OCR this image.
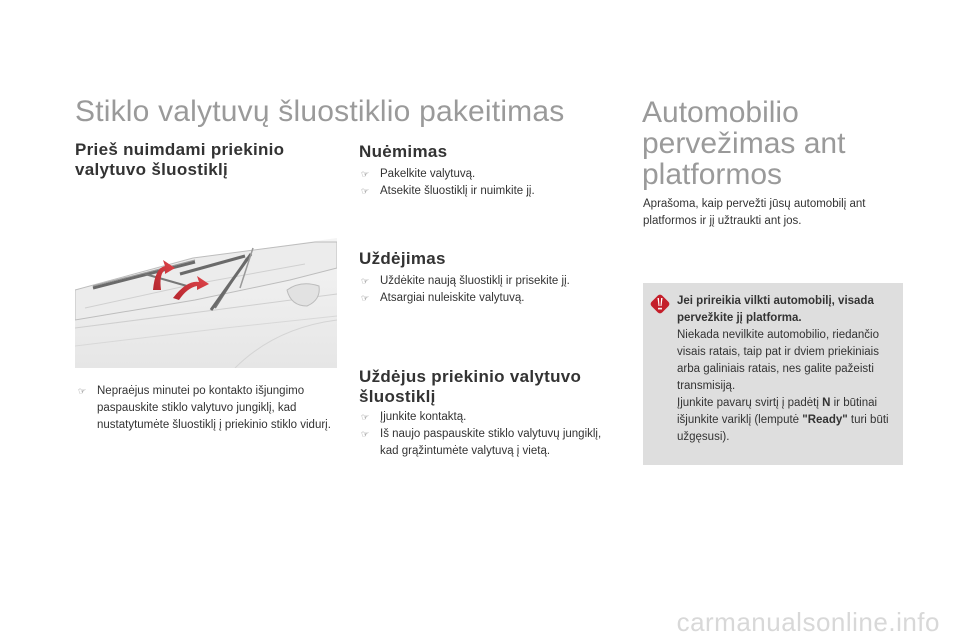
Stiklo valytuvų šluostiklio pakeitimas
Prieš nuimdami priekinio valytuvo šluostiklį
☞ Nepraėjus minutei po kontakto išjungimo paspauskite stiklo valytuvo jungiklį, kad nustatytumėte šluostiklį į priekinio stiklo vidurį.
Nuėmimas
☞ Pakelkite valytuvą.
☞ Atsekite šluostiklį ir nuimkite jį.
Uždėjimas
☞ Uždėkite naują šluostiklį ir prisekite jį.
☞ Atsargiai nuleiskite valytuvą.
Uždėjus priekinio valytuvo šluostiklį
☞ Įjunkite kontaktą.
☞ Iš naujo paspauskite stiklo valytuvų jungiklį, kad grąžintumėte valytuvą į vietą.
Automobilio pervežimas ant platformos
Aprašoma, kaip pervežti jūsų automobilį ant platformos ir jį užtraukti ant jos.
Jei prireikia vilkti automobilį, visada pervežkite jį platforma.
Niekada nevilkite automobilio, riedančio visais ratais, taip pat ir dviem priekiniais arba galiniais ratais, nes galite pažeisti transmisiją.
Įjunkite pavarų svirtį į padėtį N ir būtinai išjunkite variklį (lemputė "Ready" turi būti užgęsusi).
carmanualsonline.info
